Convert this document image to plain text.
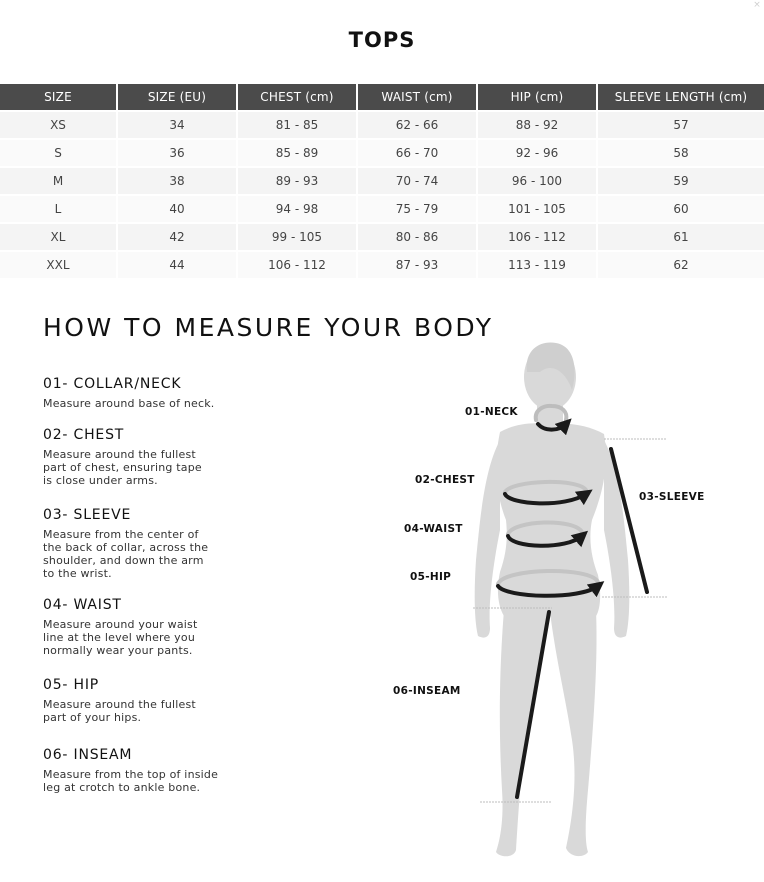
×
TOPS
SIZE	SIZE (EU)	CHEST (cm)	WAIST (cm)	HIP (cm)	SLEEVE LENGTH (cm)
XS	34	81 - 85	62 - 66	88 - 92	57
S	36	85 - 89	66 - 70	92 - 96	58
M	38	89 - 93	70 - 74	96 - 100	59
L	40	94 - 98	75 - 79	101 - 105	60
XL	42	99 - 105	80 - 86	106 - 112	61
XXL	44	106 - 112	87 - 93	113 - 119	62
HOW TO MEASURE YOUR BODY
01- COLLAR/NECK
Measure around base of neck.
02- CHEST
Measure around the fullest
part of chest, ensuring tape
is close under arms.
03- SLEEVE
Measure from the center of
the back of collar, across the
shoulder, and down the arm
to the wrist.
04- WAIST
Measure around your waist
line at the level where you
normally wear your pants.
05- HIP
Measure around the fullest
part of your hips.
06- INSEAM
Measure from the top of inside
leg at crotch to ankle bone.
01-NECK
02-CHEST
03-SLEEVE
04-WAIST
05-HIP
06-INSEAM
